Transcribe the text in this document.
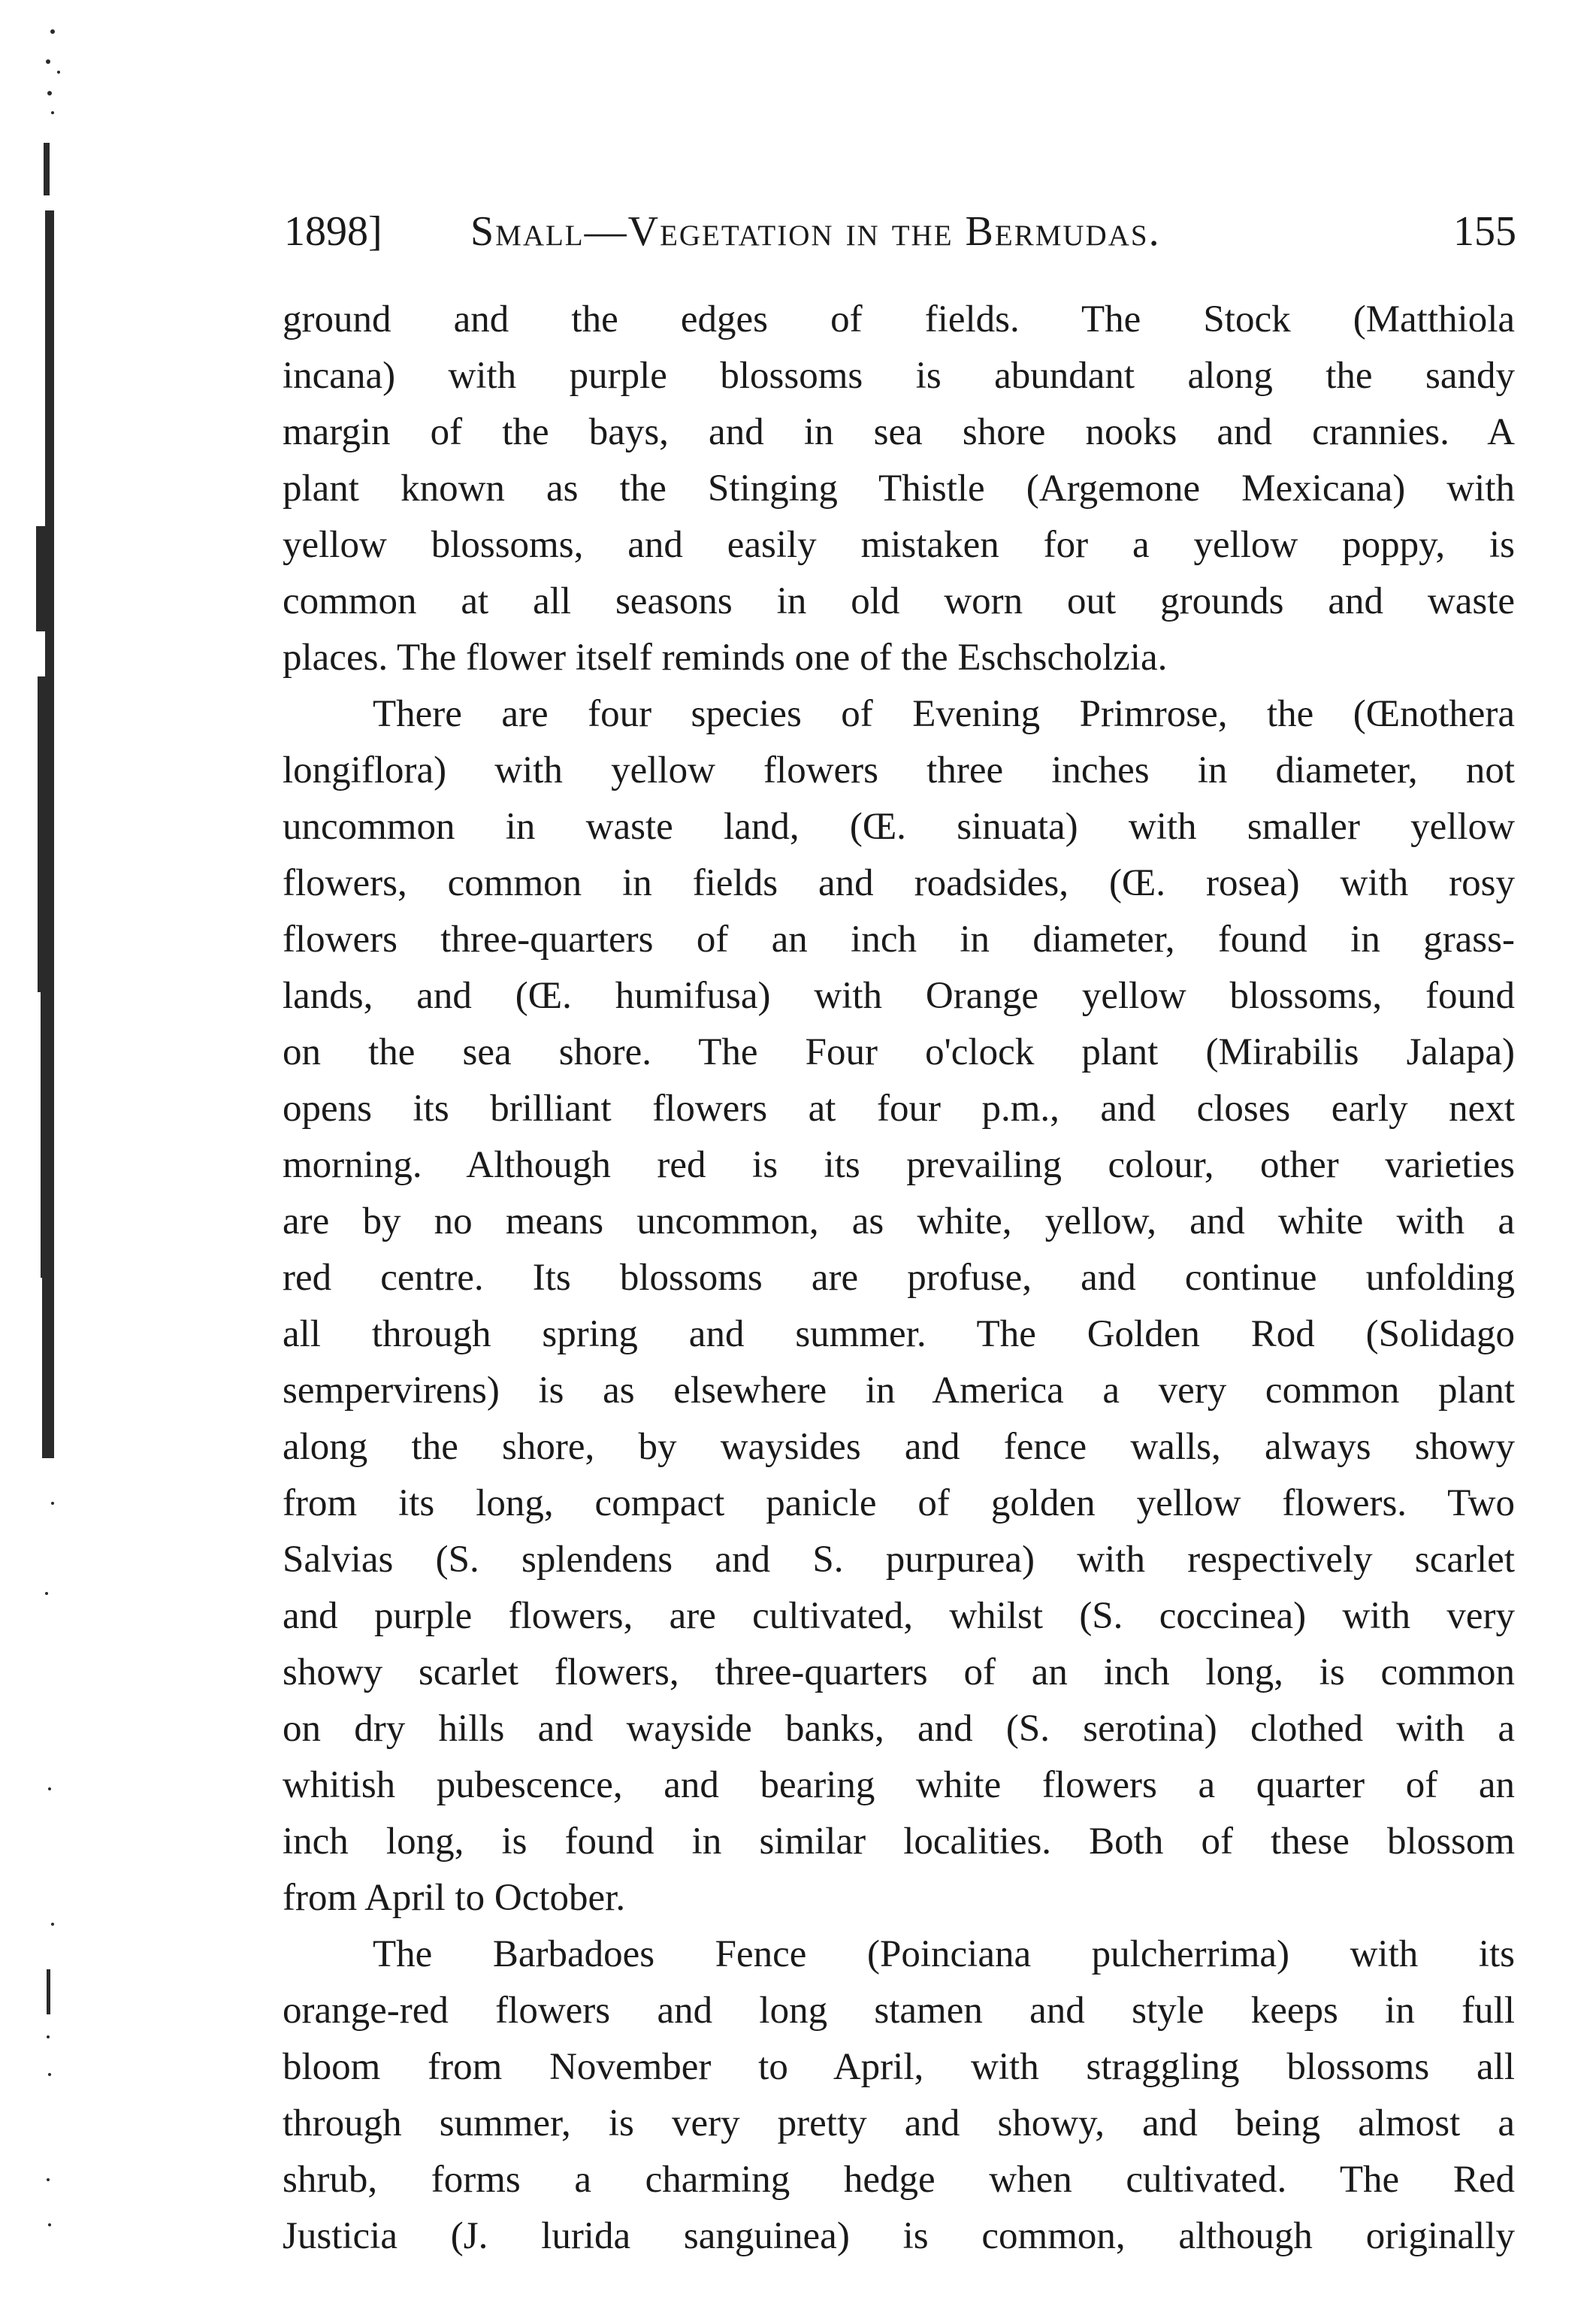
1898] Small—Vegetation in the Bermudas.	155
ground and the edges of fields. The Stock (Matthiola
incana) with purple blossoms is abundant along the sandy
margin of the bays, and in sea shore nooks and crannies. A
plant known as the Stinging Thistle (Argemone Mexicana) with
yellow blossoms, and easily mistaken for a yellow poppy, is
common at all seasons in old worn out grounds and waste
places. The flower itself reminds one of the Eschscholzia.
There are four species of Evening Primrose, the (Œnothera
longiflora) with yellow flowers three inches in diameter, not
uncommon in waste land, (Œ. sinuata) with smaller yellow
flowers, common in fields and roadsides, (Œ. rosea) with rosy
flowers three-quarters of an inch in diameter, found in grass-
lands, and (Œ. humifusa) with Orange yellow blossoms, found
on the sea shore. The Four o'clock plant (Mirabilis Jalapa)
opens its brilliant flowers at four p.m., and closes early next
morning. Although red is its prevailing colour, other varieties
are by no means uncommon, as white, yellow, and white with a
red centre. Its blossoms are profuse, and continue unfolding
all through spring and summer. The Golden Rod (Solidago
sempervirens) is as elsewhere in America a very common plant
along the shore, by waysides and fence walls, always showy
from its long, compact panicle of golden yellow flowers. Two
Salvias (S. splendens and S. purpurea) with respectively scarlet
and purple flowers, are cultivated, whilst (S. coccinea) with very
showy scarlet flowers, three-quarters of an inch long, is common
on dry hills and wayside banks, and (S. serotina) clothed with a
whitish pubescence, and bearing white flowers a quarter of an
inch long, is found in similar localities. Both of these blossom
from April to October.
The Barbadoes Fence (Poinciana pulcherrima) with its
orange-red flowers and long stamen and style keeps in full
bloom from November to April, with straggling blossoms all
through summer, is very pretty and showy, and being almost a
shrub, forms a charming hedge when cultivated. The Red
Justicia (J. lurida sanguinea) is common, although originally
